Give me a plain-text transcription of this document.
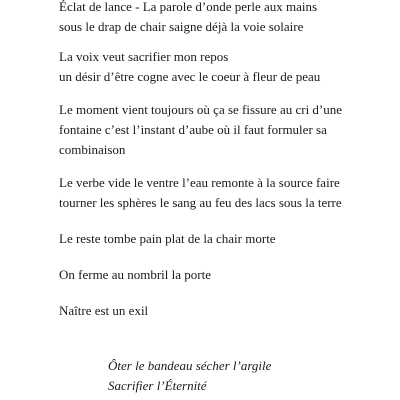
Éclat de lance - La parole d’onde perle aux mains
sous le drap de chair saigne déjà la voie solaire
La voix veut sacrifier mon repos
un désir d’être cogne avec le coeur à fleur de peau
Le moment vient toujours où ça se fissure au cri d’une
fontaine c’est l’instant d’aube où il faut formuler sa
combinaison
Le verbe vide le ventre l’eau remonte à la source faire
tourner les sphères le sang au feu des lacs sous la terre
Le reste tombe pain plat de la chair morte
On ferme au nombril la porte
Naître est un exil
Ôter le bandeau sécher l’argile
Sacrifier l’Éternité
